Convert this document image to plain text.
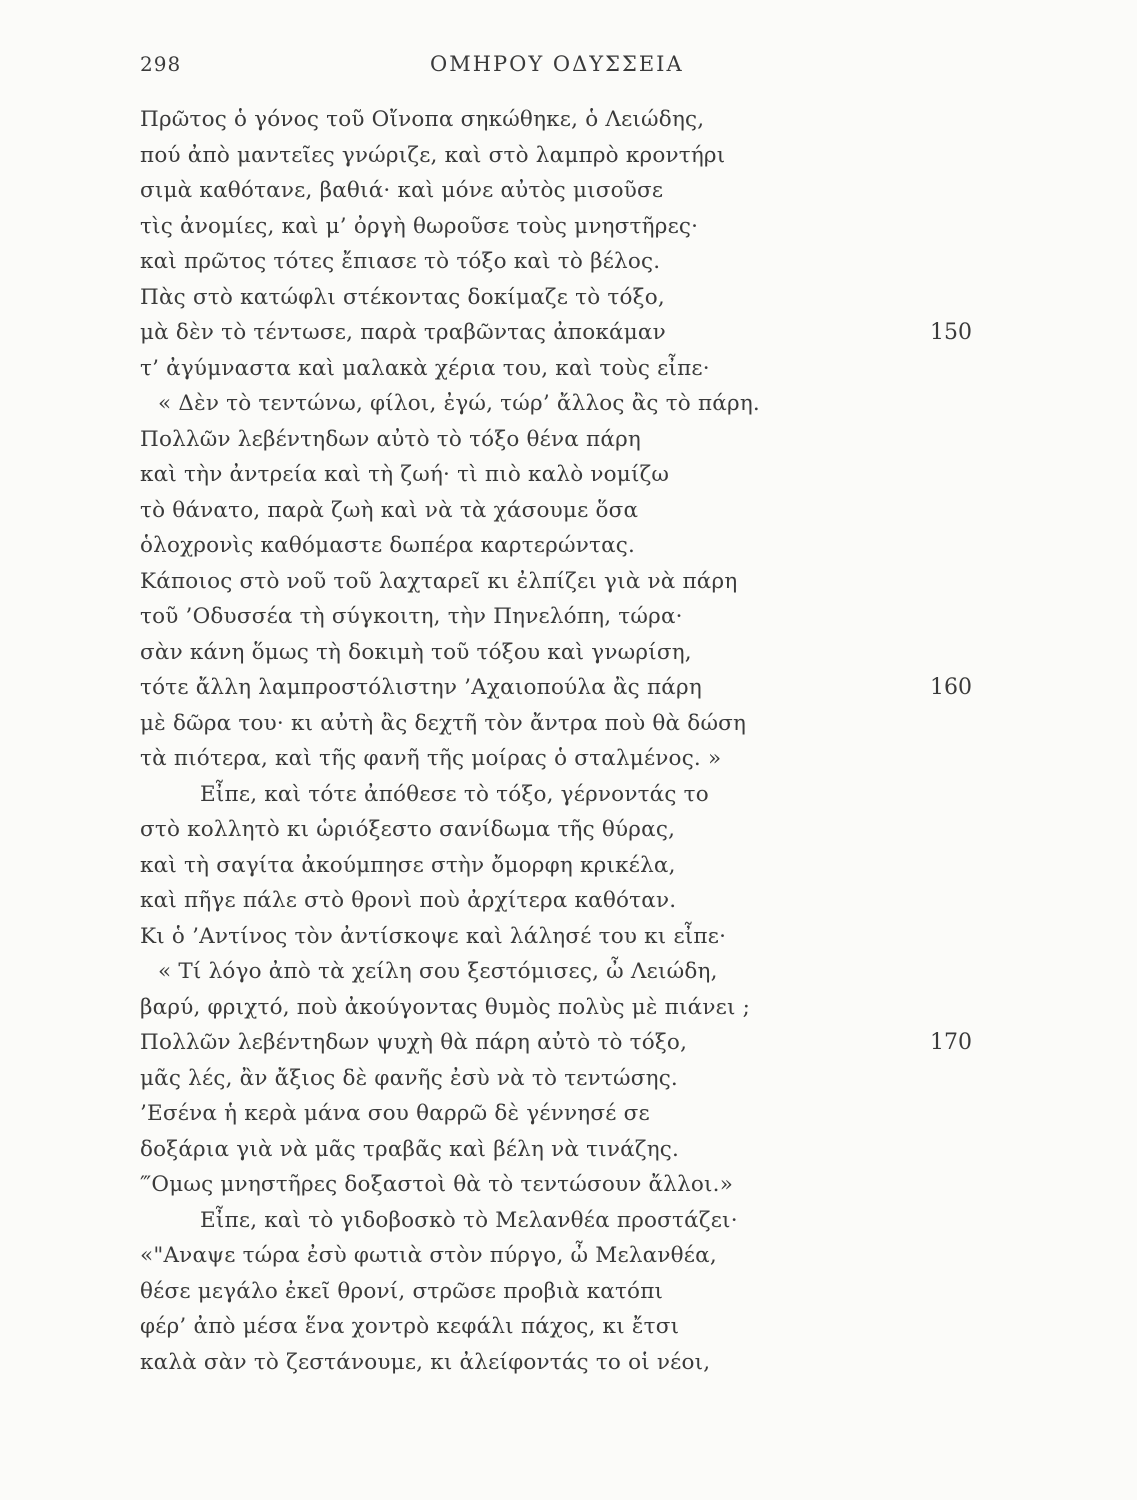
298	ΟΜΗΡΟΥ ΟΔΥΣΣΕΙΑ
Πρῶτος ὁ γόνος τοῦ Οἴνοπα σηκώθηκε, ὁ Λειώδης,
πού ἀπὸ μαντεῖες γνώριζε, καὶ στὸ λαμπρὸ κροντήρι
σιμὰ καθότανε, βαθιά· καὶ μόνε αὐτὸς μισοῦσε
τὶς ἀνομίες, καὶ μ’ ὀργὴ θωροῦσε τοὺς μνηστῆρες·
καὶ πρῶτος τότες ἔπιασε τὸ τόξο καὶ τὸ βέλος.
Πὰς στὸ κατώφλι στέκοντας δοκίμαζε τὸ τόξο,
μὰ δὲν τὸ τέντωσε, παρὰ τραβῶντας ἀποκάμαν
τ’ ἀγύμναστα καὶ μαλακὰ χέρια του, καὶ τοὺς εἶπε·
« Δὲν τὸ τεντώνω, φίλοι, ἐγώ, τώρ’ ἄλλος ἂς τὸ πάρη.
Πολλῶν λεβέντηδων αὐτὸ τὸ τόξο θένα πάρη
καὶ τὴν ἀντρεία καὶ τὴ ζωή· τὶ πιὸ καλὸ νομίζω
τὸ θάνατο, παρὰ ζωὴ καὶ νὰ τὰ χάσουμε ὅσα
ὁλοχρονὶς καθόμαστε δωπέρα καρτερώντας.
Κάποιος στὸ νοῦ τοῦ λαχταρεῖ κι ἐλπίζει γιὰ νὰ πάρη
τοῦ ’Οδυσσέα τὴ σύγκοιτη, τὴν Πηνελόπη, τώρα·
σὰν κάνη ὅμως τὴ δοκιμὴ τοῦ τόξου καὶ γνωρίση,
τότε ἄλλη λαμπροστόλιστην ’Αχαιοπούλα ἂς πάρη
μὲ δῶρα του· κι αὐτὴ ἂς δεχτῆ τὸν ἄντρα ποὺ θὰ δώση
τὰ πιότερα, καὶ τῆς φανῆ τῆς μοίρας ὁ σταλμένος. »
Εἶπε, καὶ τότε ἀπόθεσε τὸ τόξο, γέρνοντάς το
στὸ κολλητὸ κι ὡριόξεστο σανίδωμα τῆς θύρας,
καὶ τὴ σαγίτα ἀκούμπησε στὴν ὄμορφη κρικέλα,
καὶ πῆγε πάλε στὸ θρονὶ ποὺ ἀρχίτερα καθόταν.
Κι ὁ ’Αντίνος τὸν ἀντίσκοψε καὶ λάλησέ του κι εἶπε·
« Τί λόγο ἀπὸ τὰ χείλη σου ξεστόμισες, ὦ Λειώδη,
βαρύ, φριχτό, ποὺ ἀκούγοντας θυμὸς πολὺς μὲ πιάνει ;
Πολλῶν λεβέντηδων ψυχὴ θὰ πάρη αὐτὸ τὸ τόξο,
μᾶς λές, ἂν ἄξιος δὲ φανῆς ἐσὺ νὰ τὸ τεντώσης.
’Εσένα ἡ κερὰ μάνα σου θαρρῶ δὲ γέννησέ σε
δοξάρια γιὰ νὰ μᾶς τραβᾶς καὶ βέλη νὰ τινάζης.
‴Ομως μνηστῆρες δοξαστοὶ θὰ τὸ τεντώσουν ἄλλοι.»
Εἶπε, καὶ τὸ γιδοβοσκὸ τὸ Μελανθέα προστάζει·
«"Αναψε τώρα ἐσὺ φωτιὰ στὸν πύργο, ὦ Μελανθέα,
θέσε μεγάλο ἐκεῖ θρονί, στρῶσε προβιὰ κατόπι
φέρ’ ἀπὸ μέσα ἕνα χοντρὸ κεφάλι πάχος, κι ἔτσι
καλὰ σὰν τὸ ζεστάνουμε, κι ἀλείφοντάς το οἱ νέοι,
150
160
170
